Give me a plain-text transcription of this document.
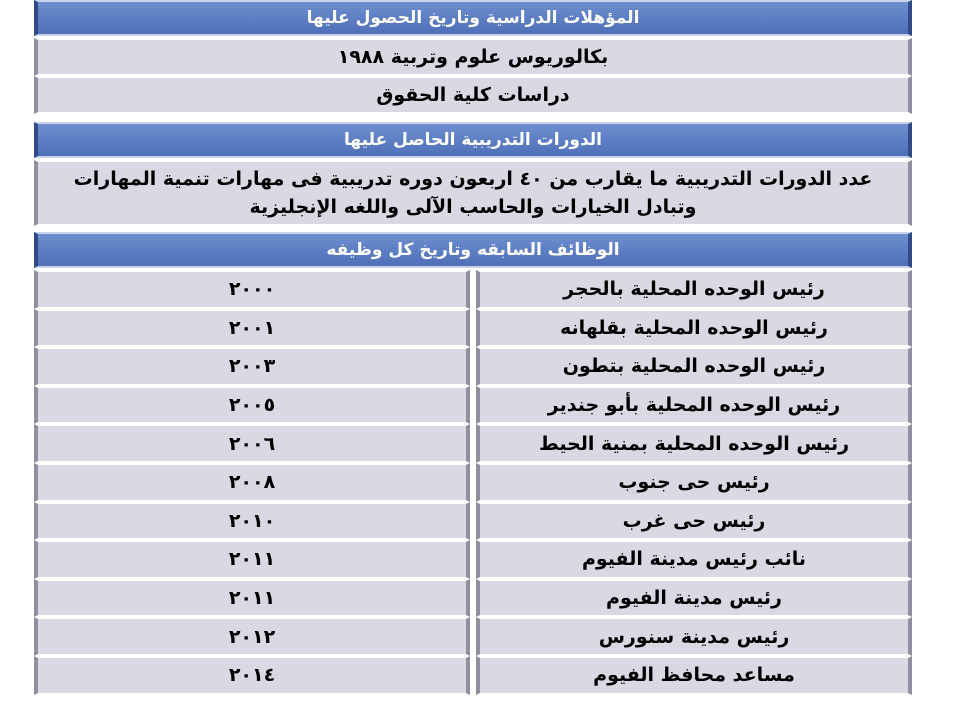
المؤهلات الدراسية وتاريخ الحصول عليها
بكالوريوس علوم وتربية ١٩٨٨
دراسات كلية الحقوق
الدورات التدريبية الحاصل عليها
عدد الدورات التدريبية ما يقارب من ٤٠ اربعون دوره تدريبية فى مهارات تنمية المهارات وتبادل الخيارات والحاسب الآلى واللغه الإنجليزية
الوظائف السابقه وتاريخ كل وظيفه
٢٠٠٠	رئيس الوحده المحلية بالحجر
٢٠٠١	رئيس الوحده المحلية بقلهانه
٢٠٠٣	رئيس الوحده المحلية بتطون
٢٠٠٥	رئيس الوحده المحلية بأبو جندير
٢٠٠٦	رئيس الوحده المحلية بمنية الحيط
٢٠٠٨	رئيس حى جنوب
٢٠١٠	رئيس حى غرب
٢٠١١	نائب رئيس مدينة الفيوم
٢٠١١	رئيس مدينة الفيوم
٢٠١٢	رئيس مدينة سنورس
٢٠١٤	مساعد محافظ الفيوم
